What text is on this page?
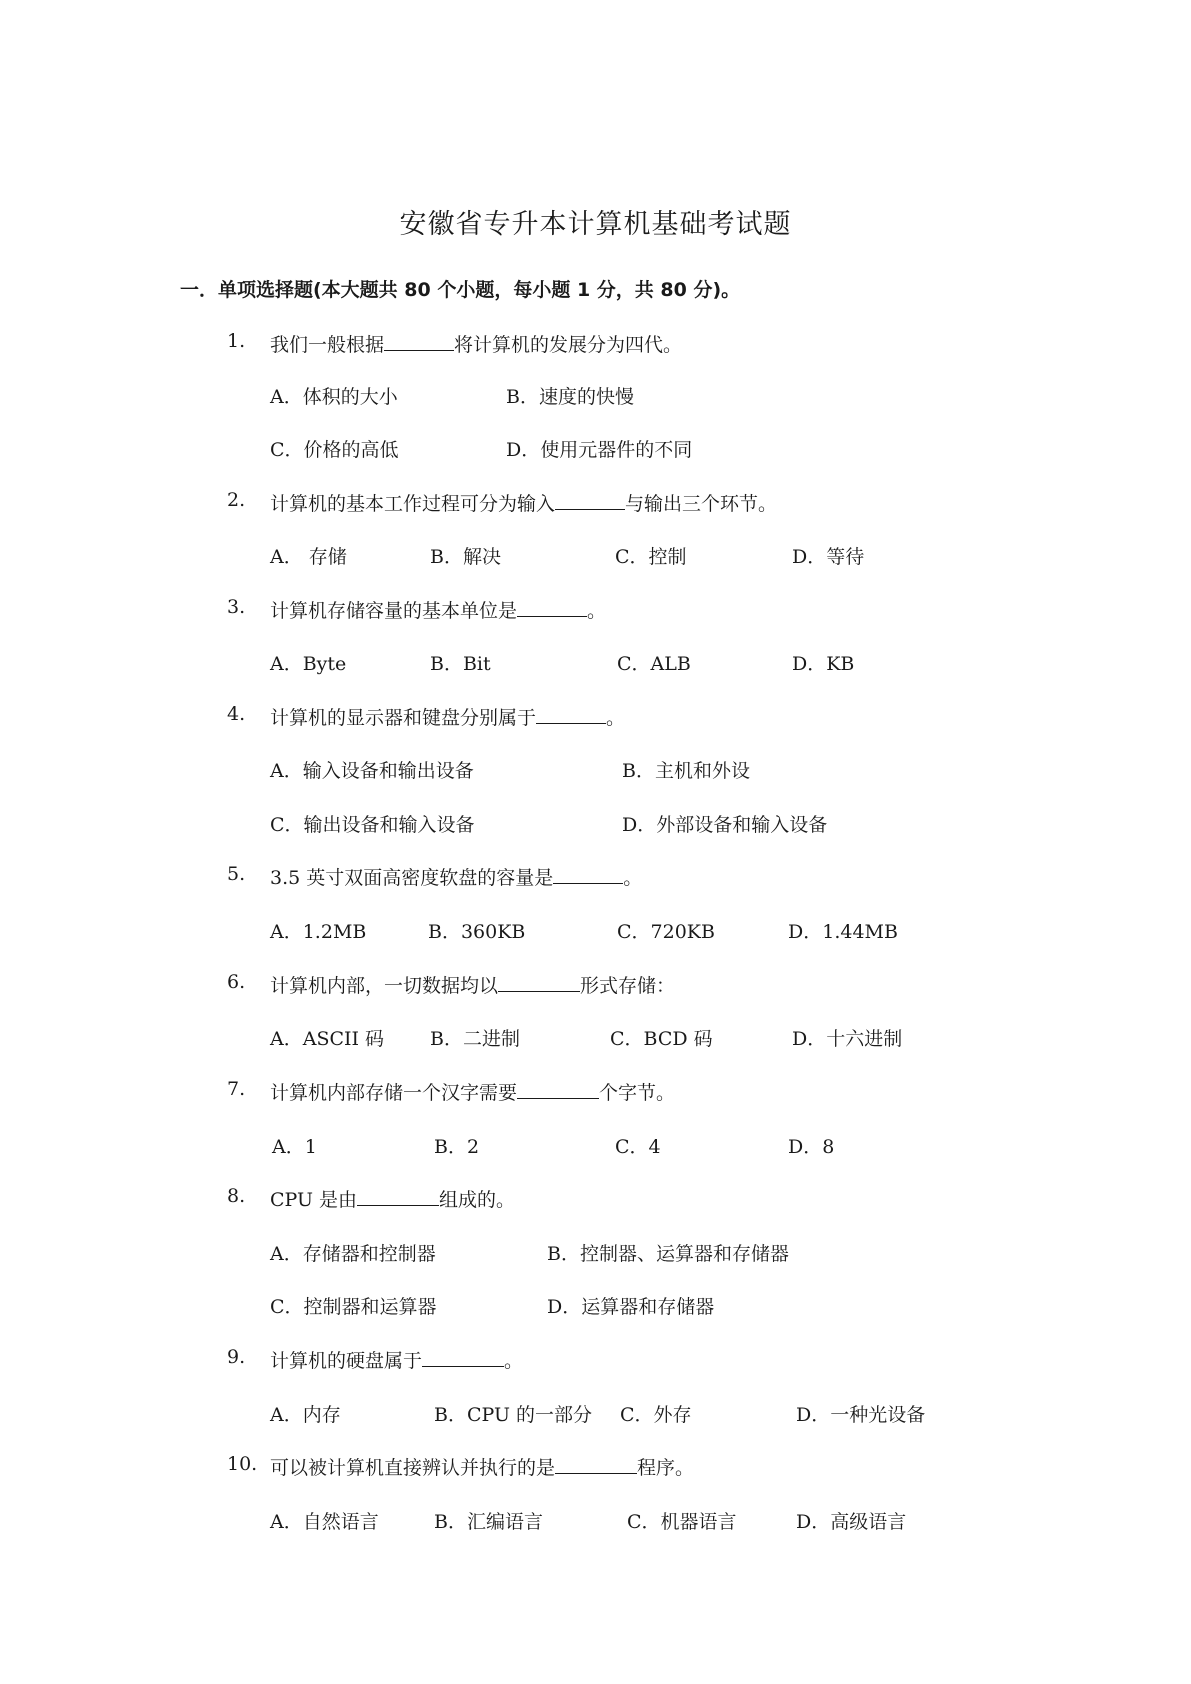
安徽省专升本计算机基础考试题
一．单项选择题(本大题共 80 个小题，每小题 1 分，共 80 分)。
1. 我们一般根据	将计算机的发展分为四代。
A．体积的大小	B．速度的快慢
C．价格的高低	D．使用元器件的不同
2. 计算机的基本工作过程可分为输入	与输出三个环节。
A． 存储	B．解决	C．控制	D．等待
3. 计算机存储容量的基本单位是	。
A．Byte	B．Bit	C．ALB	D．KB
4. 计算机的显示器和键盘分别属于	。
A．输入设备和输出设备	B．主机和外设
C．输出设备和输入设备	D．外部设备和输入设备
5. 3.5 英寸双面高密度软盘的容量是	。
A．1.2MB	B．360KB	C．720KB	D．1.44MB
6. 计算机内部，一切数据均以	形式存储：
A．ASCII 码 B．二进制	C．BCD 码	D．十六进制
7. 计算机内部存储一个汉字需要	个字节。
A．1	B．2	C．4	D．8
8. CPU 是由	组成的。
A．存储器和控制器	B．控制器、运算器和存储器
C．控制器和运算器	D．运算器和存储器
9. 计算机的硬盘属于	。
A．内存	B．CPU 的一部分 C．外存	D．一种光设备
10. 可以被计算机直接辨认并执行的是	程序。
A．自然语言	B．汇编语言	C．机器语言	D．高级语言
